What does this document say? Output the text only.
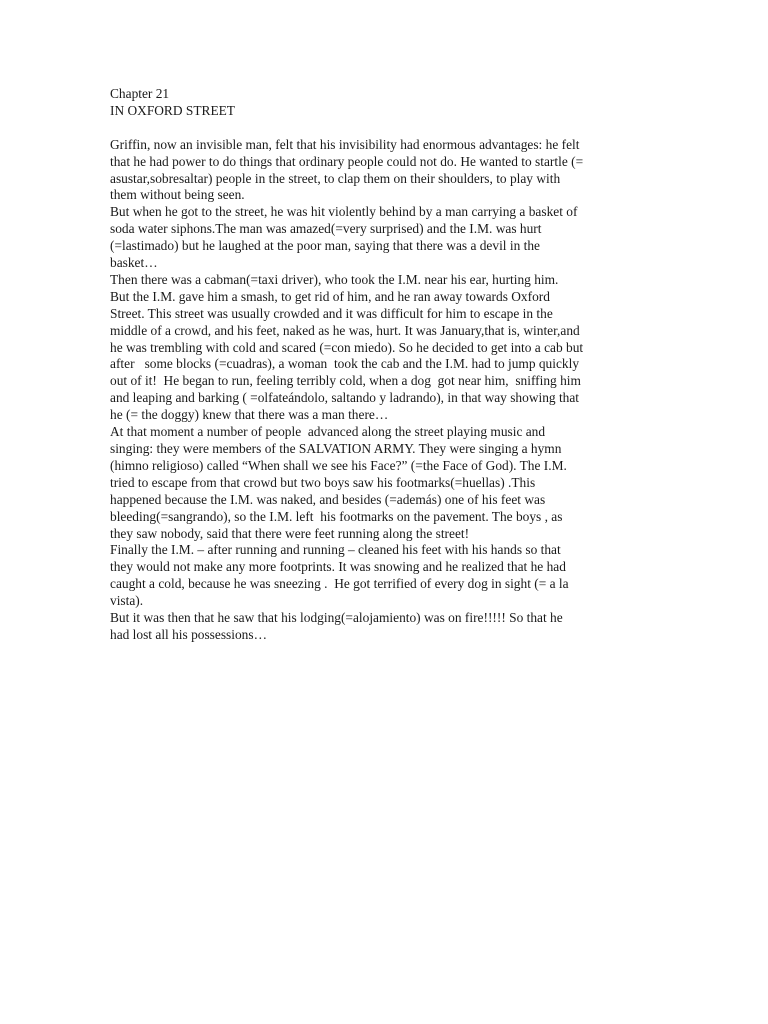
Chapter 21

IN OXFORD STREET

Griffin, now an invisible man, felt that his invisibility had enormous advantages: he felt
that he had power to do things that ordinary people could not do. He wanted to startle (=
asustar,sobresaltar) people in the street, to clap them on their shoulders, to play with
them without being seen.

But when he got to the street, he was hit violently behind by a man carrying a basket of
soda water siphons.The man was amazed(=very surprised) and the I.M. was hurt
(=lastimado) but he laughed at the poor man, saying that there was a devil in the
basket…

Then there was a cabman(=taxi driver), who took the I.M. near his ear, hurting him.
But the I.M. gave him a smash, to get rid of him, and he ran away towards Oxford
Street. This street was usually crowded and it was difficult for him to escape in the
middle of a crowd, and his feet, naked as he was, hurt. It was January,that is, winter,and
he was trembling with cold and scared (=con miedo). So he decided to get into a cab but
after   some blocks (=cuadras), a woman  took the cab and the I.M. had to jump quickly
out of it!  He began to run, feeling terribly cold, when a dog  got near him,  sniffing him
and leaping and barking ( =olfateándolo, saltando y ladrando), in that way showing that
he (= the doggy) knew that there was a man there…

At that moment a number of people  advanced along the street playing music and
singing: they were members of the SALVATION ARMY. They were singing a hymn
(himno religioso) called “When shall we see his Face?” (=the Face of God). The I.M.
tried to escape from that crowd but two boys saw his footmarks(=huellas) .This
happened because the I.M. was naked, and besides (=además) one of his feet was
bleeding(=sangrando), so the I.M. left  his footmarks on the pavement. The boys , as
they saw nobody, said that there were feet running along the street!

Finally the I.M. – after running and running – cleaned his feet with his hands so that
they would not make any more footprints. It was snowing and he realized that he had
caught a cold, because he was sneezing .  He got terrified of every dog in sight (= a la
vista).

But it was then that he saw that his lodging(=alojamiento) was on fire!!!!! So that he
had lost all his possessions…
